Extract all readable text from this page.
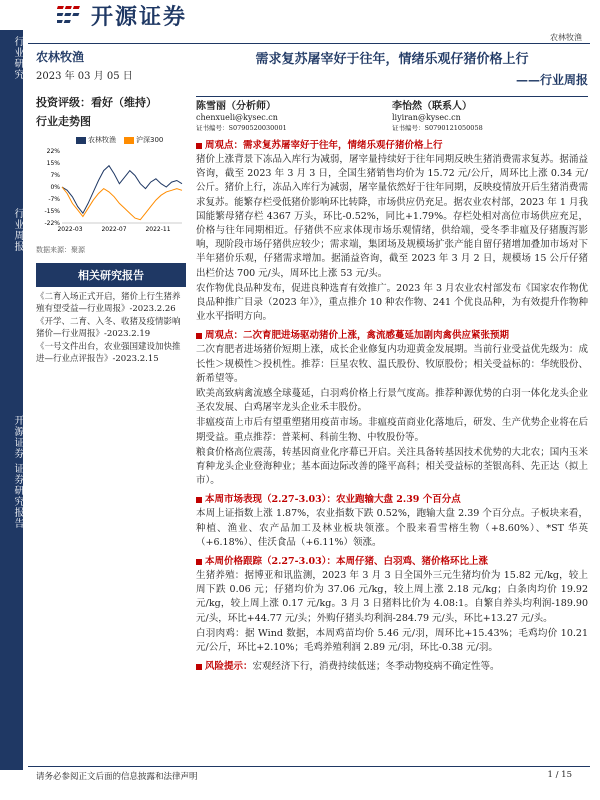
行业研究
行业周报
开源证券 证券研究报告
开源证券
农林牧渔
农林牧渔
2023 年 03 月 05 日
投资评级：看好（维持）
行业走势图
农林牧渔	沪深300
22%
15%
7%
0%
-7%
-15%
-22%
2022-03	2022-07	2022-11
数据来源：聚源
相关研究报告
《二育入场正式开启，猪价上行生猪养殖有望受益—行业周报》-2023.2.26
《开学、二育、入冬、收猪及疫情影响猪价—行业周报》-2023.2.19
《一号文件出台，农业强国建设加快推进—行业点评报告》-2023.2.15
需求复苏屠宰好于往年，情绪乐观仔猪价格上行
——行业周报
陈雪丽（分析师）
chenxueli@kysec.cn
证书编号：S0790520030001
李怡然（联系人）
liyiran@kysec.cn
证书编号：S0790121050058
周观点：需求复苏屠宰好于往年，情绪乐观仔猪价格上行
猪价上涨背景下冻品入库行为减弱，屠宰量持续好于往年同期反映生猪消费需求复苏。据涌益咨询，截至 2023 年 3 月 3 日，全国生猪销售均价为 15.72 元/公斤，周环比上涨 0.34 元/公斤。猪价上行，冻品入库行为减弱，屠宰量依然好于往年同期，反映疫情放开后生猪消费需求复苏。能繁存栏受低猪价影响环比转降，市场供应仍充足。据农业农村部，2023 年 1 月我国能繁母猪存栏 4367 万头，环比-0.52%，同比+1.79%。存栏处相对高位市场供应充足，价格与往年同期相近。仔猪供不应求体现市场乐观情绪，供给端，受冬季非瘟及仔猪腹泻影响，现阶段市场仔猪供应较少；需求端，集团场及规模场扩张产能自留仔猪增加叠加市场对下半年猪价乐观，仔猪需求增加。据涌益咨询，截至 2023 年 3 月 2 日，规模场 15 公斤仔猪出栏价达 700 元/头，周环比上涨 53 元/头。
农作物优良品种发布，促进良种选育有效推广。2023 年 3 月农业农村部发布《国家农作物优良品种推广目录（2023 年）》，重点推介 10 种农作物、241 个优良品种，为有效提升作物种业水平指明方向。
周观点：二次育肥进场驱动猪价上涨，禽流感蔓延加剧肉禽供应紧张预期
二次育肥者进场猪价短期上涨，成长企业修复内功迎黄金发展期。当前行业受益优先级为：成长性＞规模性＞投机性。推荐：巨星农牧、温氏股份、牧原股份；相关受益标的：华统股份、新希望等。
欧美高致病禽流感全球蔓延，白羽鸡价格上行景气度高。推荐种源优势的白羽一体化龙头企业圣农发展、白鸡屠宰龙头企业禾丰股份。
非瘟疫苗上市后有望重塑猪用疫苗市场。非瘟疫苗商业化落地后，研发、生产优势企业将在后期受益。重点推荐：普莱柯、科前生物、中牧股份等。
粮食价格高位震荡，转基因商业化序幕已开启。关注具备转基因技术优势的大北农；国内玉米育种龙头企业登海种业；基本面边际改善的隆平高科；相关受益标的荃银高科、先正达（拟上市）。
本周市场表现（2.27-3.03）：农业跑输大盘 2.39 个百分点
本周上证指数上涨 1.87%，农业指数下跌 0.52%，跑输大盘 2.39 个百分点。子板块来看，种植、渔业、农产品加工及林业板块领涨。个股来看雪榕生物（+8.60%）、*ST 华英（+6.18%）、佳沃食品（+6.11%）领涨。
本周价格跟踪（2.27-3.03）：本周仔猪、白羽鸡、猪价格环比上涨
生猪养殖：据博亚和讯监测，2023 年 3 月 3 日全国外三元生猪均价为 15.82 元/kg，较上周下跌 0.06 元；仔猪均价为 37.06 元/kg，较上周上涨 2.18 元/kg；白条肉均价 19.92 元/kg，较上周上涨 0.17 元/kg。3 月 3 日猪料比价为 4.08:1。自繁自养头均利润-189.90 元/头，环比+44.77 元/头；外购仔猪头均利润-284.79 元/头，环比+13.27 元/头。
白羽肉鸡：据 Wind 数据，本周鸡苗均价 5.46 元/羽，周环比+15.43%；毛鸡均价 10.21 元/公斤，环比+2.10%；毛鸡养殖利润 2.89 元/羽，环比-0.38 元/羽。
风险提示：宏观经济下行，消费持续低迷；冬季动物疫病不确定性等。
请务必参阅正文后面的信息披露和法律声明	1 / 15
